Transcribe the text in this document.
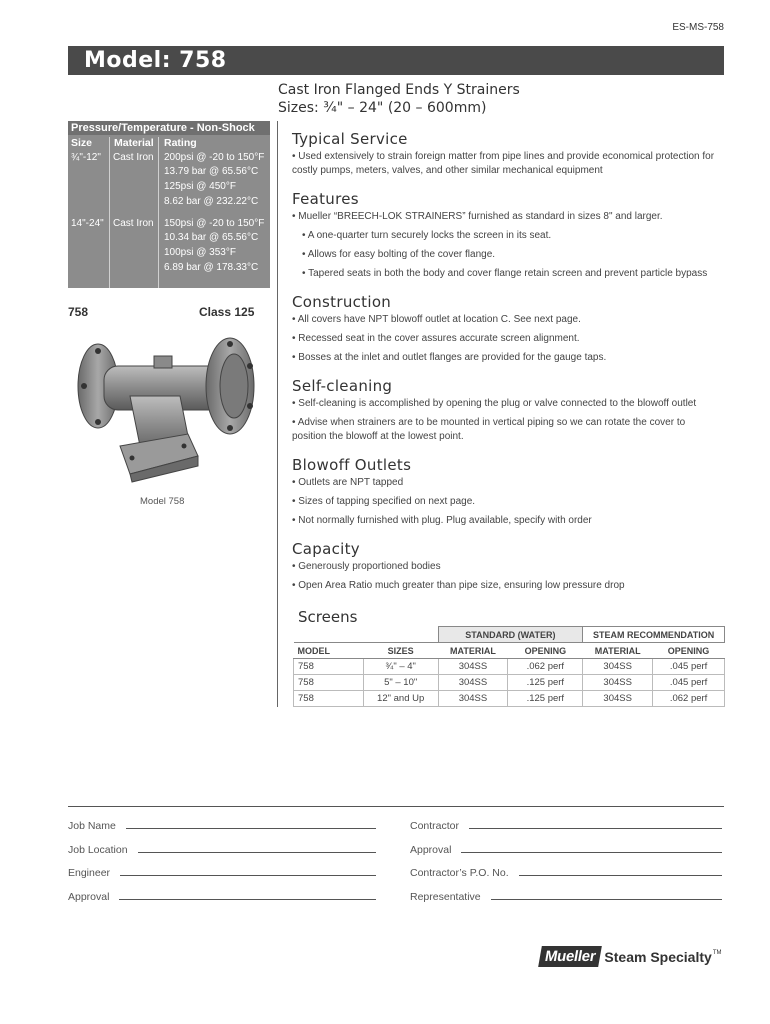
ES-MS-758
Model: 758
Cast Iron Flanged Ends Y Strainers
Sizes: ¾" – 24" (20 – 600mm)
Pressure/Temperature - Non-Shock
Size Material Rating
¾"-12" Cast Iron 200psi @ -20 to 150°F
13.79 bar @ 65.56°C
125psi @ 450°F
8.62 bar @ 232.22°C
14"-24" Cast Iron 150psi @ -20 to 150°F
10.34 bar @ 65.56°C
100psi @ 353°F
6.89 bar @ 178.33°C
758	Class 125
Model 758
Typical Service
• Used extensively to strain foreign matter from pipe lines and provide economical protection for costly pumps, meters, valves, and other similar mechanical equipment
Features
• Mueller “BREECH-LOK STRAINERS” furnished as standard in sizes 8" and larger.
• A one-quarter turn securely locks the screen in its seat.
• Allows for easy bolting of the cover flange.
• Tapered seats in both the body and cover flange retain screen and prevent particle bypass
Construction
• All covers have NPT blowoff outlet at location C. See next page.
• Recessed seat in the cover assures accurate screen alignment.
• Bosses at the inlet and outlet flanges are provided for the gauge taps.
Self-cleaning
• Self-cleaning is accomplished by opening the plug or valve connected to the blowoff outlet
• Advise when strainers are to be mounted in vertical piping so we can rotate the cover to position the blowoff at the lowest point.
Blowoff Outlets
• Outlets are NPT tapped
• Sizes of tapping specified on next page.
• Not normally furnished with plug. Plug available, specify with order
Capacity
• Generously proportioned bodies
• Open Area Ratio much greater than pipe size, ensuring low pressure drop
Screens
		STANDARD (WATER)		STEAM RECOMMENDATION	
MODEL	SIZES	MATERIAL	OPENING	MATERIAL	OPENING
758	¾" – 4"	304SS	.062 perf	304SS	.045 perf
758	5" – 10"	304SS	.125 perf	304SS	.045 perf
758	12" and Up	304SS	.125 perf	304SS	.062 perf
Job Name
Job Location
Engineer
Approval
Contractor
Approval
Contractor’s P.O. No.
Representative
Mueller Steam Specialty TM
